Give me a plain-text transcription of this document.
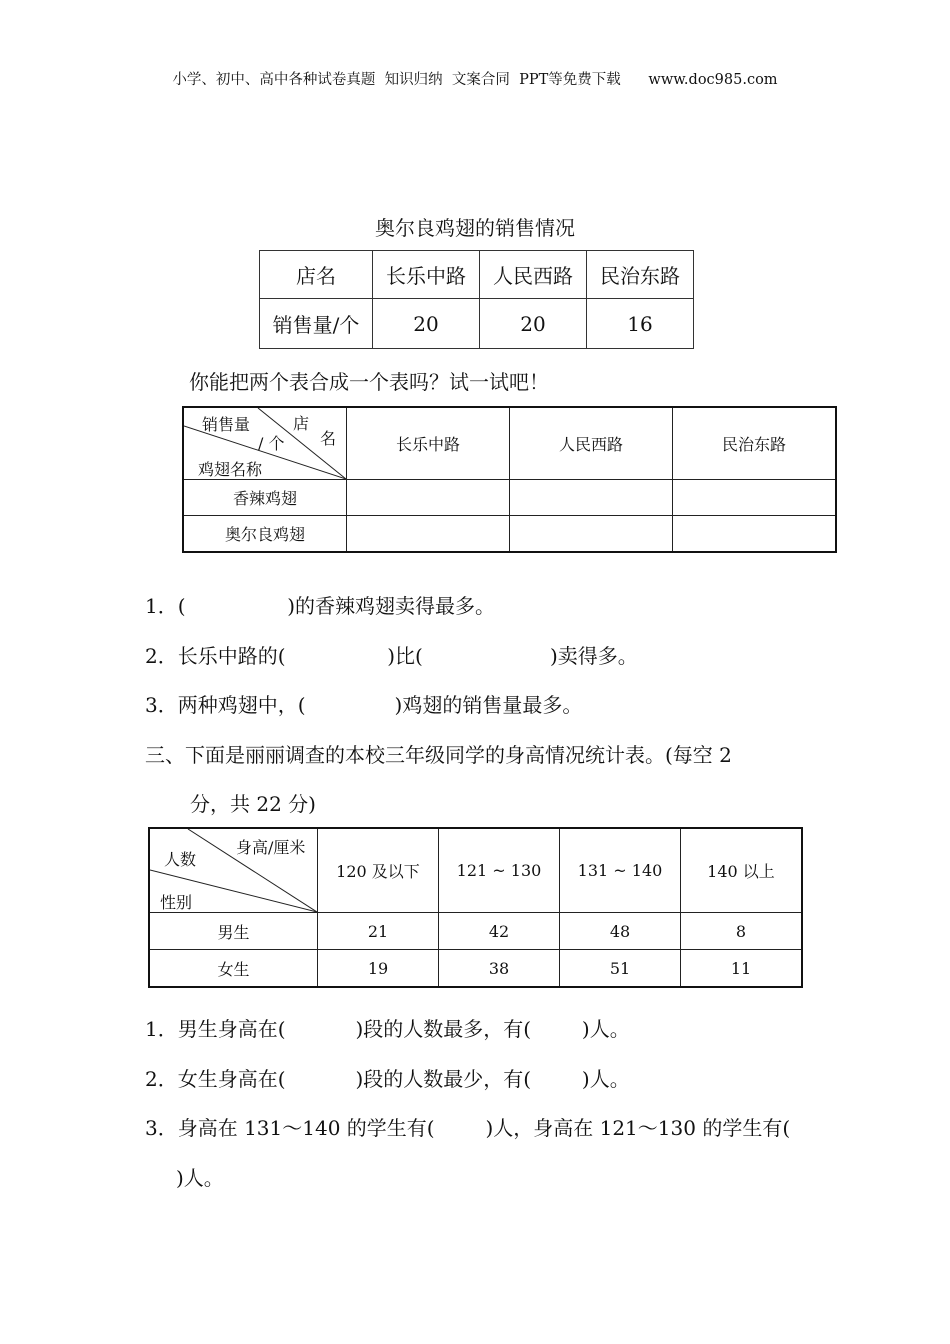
小学、初中、高中各种试卷真题  知识归纳  文案合同  PPT等免费下载      www.doc985.com
奥尔良鸡翅的销售情况
店名	长乐中路	人民西路	民治东路
销售量/个	20	20	16
你能把两个表合成一个表吗？试一试吧！
店
名
销售量
/ 个
鸡翅名称	长乐中路	人民西路	民治东路
香辣鸡翅			
奥尔良鸡翅			
1．(                )的香辣鸡翅卖得最多。
2．长乐中路的(                )比(                    )卖得多。
3．两种鸡翅中，(              )鸡翅的销售量最多。
三、下面是丽丽调查的本校三年级同学的身高情况统计表。(每空 2
分，共 22 分)
身高/厘米
人数
性别	120 及以下	121 ~ 130	131 ~ 140	140 以上
男生	21	42	48	8
女生	19	38	51	11
1．男生身高在(           )段的人数最多，有(        )人。
2．女生身高在(           )段的人数最少，有(        )人。
3．身高在 131～140 的学生有(        )人，身高在 121～130 的学生有(
)人。
